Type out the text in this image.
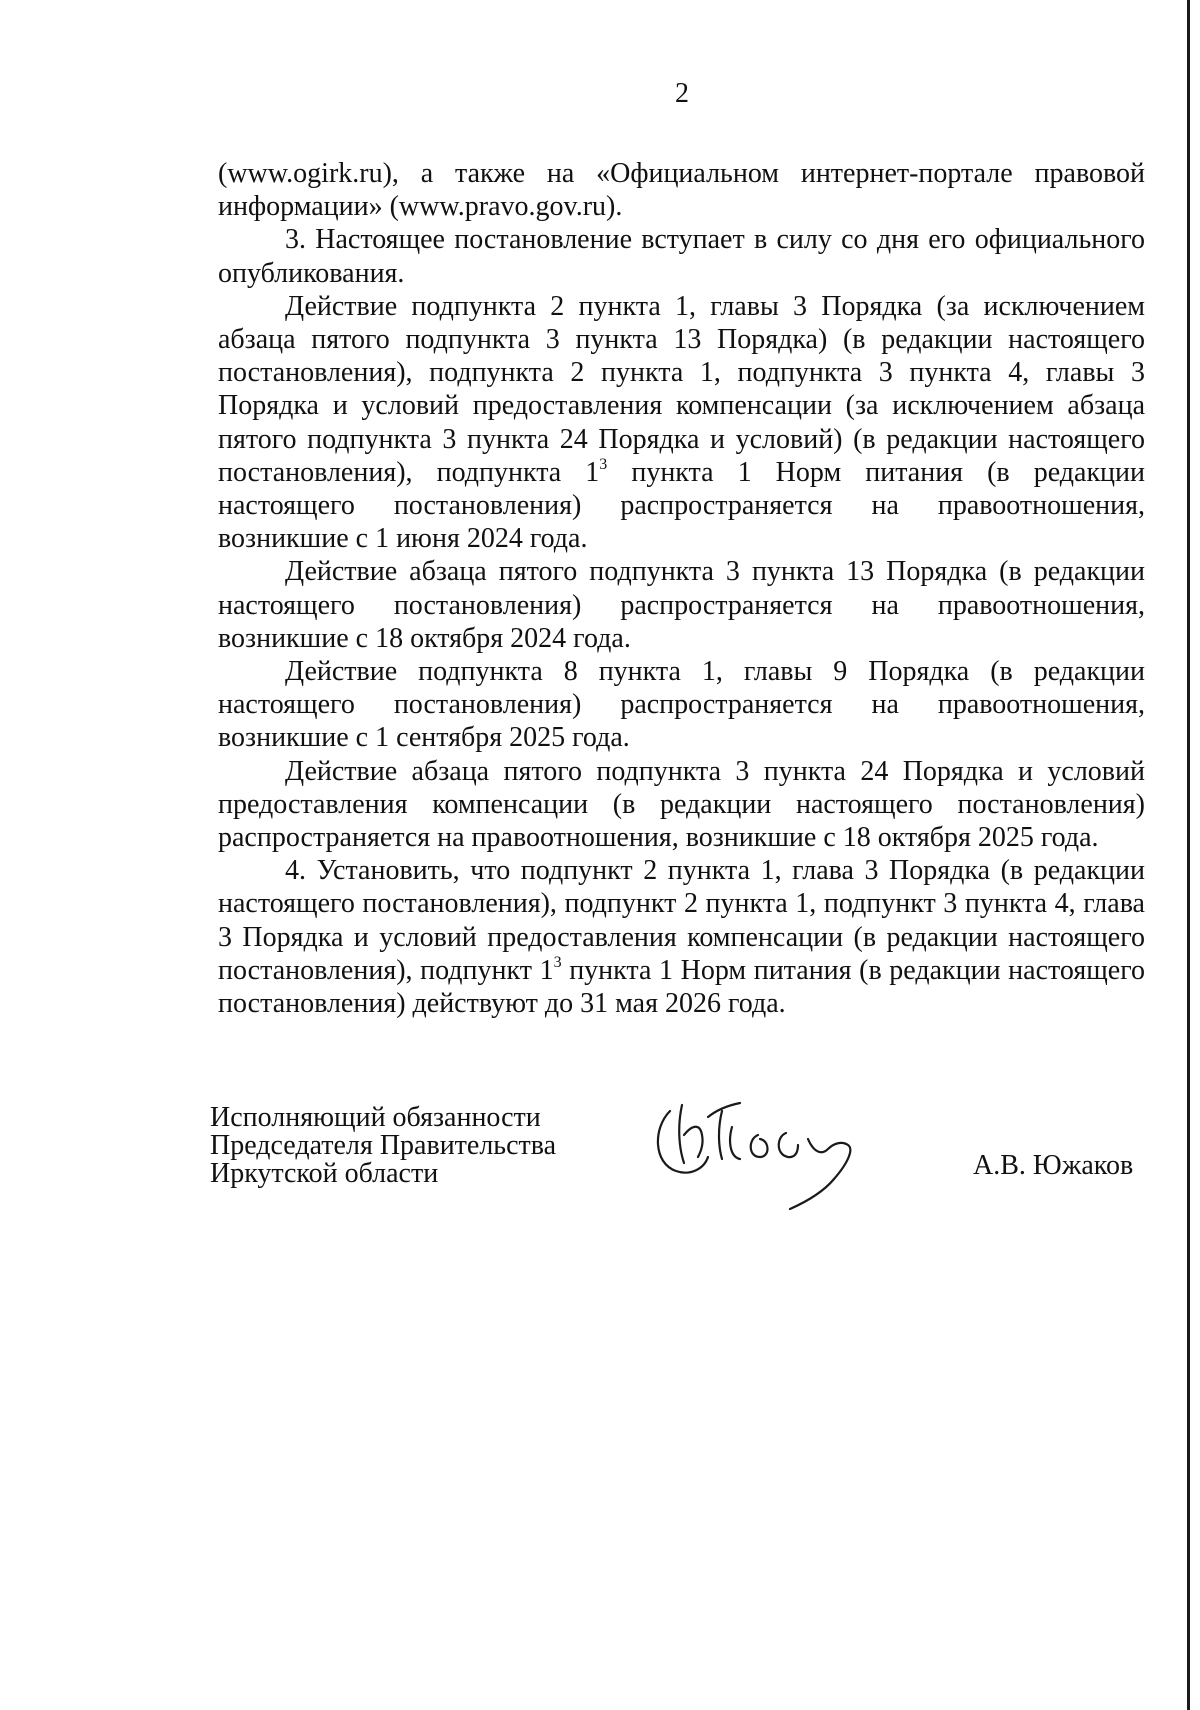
2

(www.ogirk.ru), а также на «Официальном интернет-портале правовой информации» (www.pravo.gov.ru).

3. Настоящее постановление вступает в силу со дня его официального опубликования.

Действие подпункта 2 пункта 1, главы 3 Порядка (за исключением абзаца пятого подпункта 3 пункта 13 Порядка) (в редакции настоящего постановления), подпункта 2 пункта 1, подпункта 3 пункта 4, главы 3 Порядка и условий предоставления компенсации (за исключением абзаца пятого подпункта 3 пункта 24 Порядка и условий) (в редакции настоящего постановления), подпункта $1^3$ пункта 1 Норм питания (в редакции настоящего постановления) распространяется на правоотношения, возникшие с 1 июня 2024 года.

Действие абзаца пятого подпункта 3 пункта 13 Порядка (в редакции настоящего постановления) распространяется на правоотношения, возникшие с 18 октября 2024 года.

Действие подпункта 8 пункта 1, главы 9 Порядка (в редакции настоящего постановления) распространяется на правоотношения, возникшие с 1 сентября 2025 года.

Действие абзаца пятого подпункта 3 пункта 24 Порядка и условий предоставления компенсации (в редакции настоящего постановления) распространяется на правоотношения, возникшие с 18 октября 2025 года.

4. Установить, что подпункт 2 пункта 1, глава 3 Порядка (в редакции настоящего постановления), подпункт 2 пункта 1, подпункт 3 пункта 4, глава 3 Порядка и условий предоставления компенсации (в редакции настоящего постановления), подпункт $1^3$ пункта 1 Норм питания (в редакции настоящего постановления) действуют до 31 мая 2026 года.

Исполняющий обязанности
Председателя Правительства
Иркутской области	А.В. Южаков
